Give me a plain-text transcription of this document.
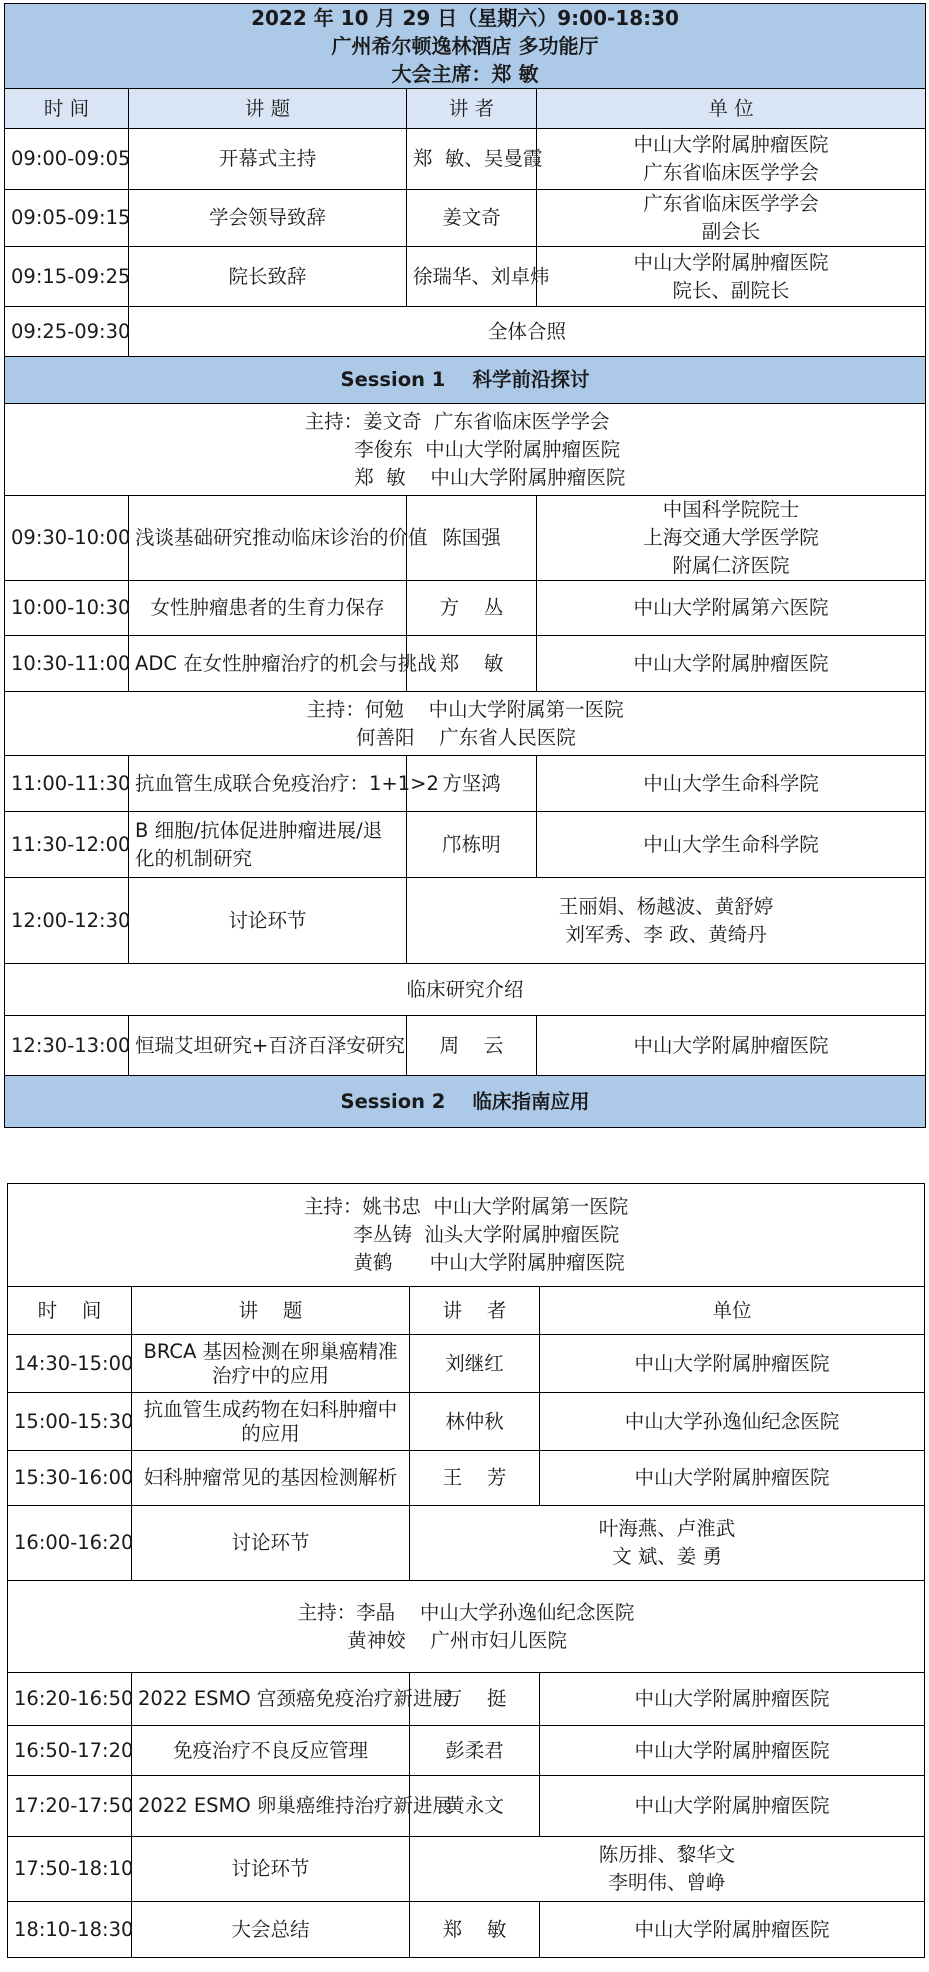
2022 年 10 月 29 日（星期六）9:00-18:30
广州希尔顿逸林酒店 多功能厅
大会主席：郑 敏			

时 间	讲 题	讲 者	单 位
09:00-09:05	开幕式主持	郑  敏、吴曼霞	中山大学附属肿瘤医院
广东省临床医学学会

09:05-09:15	学会领导致辞	姜文奇	广东省临床医学学会
副会长

09:15-09:25	院长致辞	徐瑞华、刘卓炜	中山大学附属肿瘤医院
院长、副院长

09:25-09:30	全体合照		
Session 1    科学前沿探讨			

主持：姜文奇  广东省临床医学学会
李俊东  中山大学附属肿瘤医院
郑  敏    中山大学附属肿瘤医院			

09:30-10:00	浅谈基础研究推动临床诊治的价值	陈国强	中国科学院院士
上海交通大学医学院
附属仁济医院

10:00-10:30	女性肿瘤患者的生育力保存	方    丛	中山大学附属第六医院
10:30-11:00	ADC 在女性肿瘤治疗的机会与挑战	郑    敏	中山大学附属肿瘤医院

主持：何勉    中山大学附属第一医院
何善阳    广东省人民医院			

11:00-11:30	抗血管生成联合免疫治疗：1+1>2	方坚鸿	中山大学生命科学院
11:30-12:00	B 细胞/抗体促进肿瘤进展/退化的机制研究	邝栋明	中山大学生命科学院
12:00-12:30	讨论环节	王丽娟、杨越波、黄舒婷
刘军秀、李 政、黄绮丹	

临床研究介绍			
12:30-13:00	恒瑞艾坦研究+百济百泽安研究	周    云	中山大学附属肿瘤医院
Session 2    临床指南应用			
主持：姚书忠  中山大学附属第一医院
李丛铸  汕头大学附属肿瘤医院
黄鹤      中山大学附属肿瘤医院			

时    间	讲    题	讲    者	单位
14:30-15:00	BRCA 基因检测在卵巢癌精准治疗中的应用	刘继红	中山大学附属肿瘤医院
15:00-15:30	抗血管生成药物在妇科肿瘤中的应用	林仲秋	中山大学孙逸仙纪念医院
15:30-16:00	妇科肿瘤常见的基因检测解析	王    芳	中山大学附属肿瘤医院
16:00-16:20	讨论环节	叶海燕、卢淮武
文 斌、姜 勇	

主持：李晶    中山大学孙逸仙纪念医院
黄神姣    广州市妇儿医院			

16:20-16:50	2022 ESMO 宫颈癌免疫治疗新进展	万    挺	中山大学附属肿瘤医院
16:50-17:20	免疫治疗不良反应管理	彭柔君	中山大学附属肿瘤医院
17:20-17:50	2022 ESMO 卵巢癌维持治疗新进展	黄永文	中山大学附属肿瘤医院
17:50-18:10	讨论环节	陈历排、黎华文
李明伟、曾峥	

18:10-18:30	大会总结	郑    敏	中山大学附属肿瘤医院
